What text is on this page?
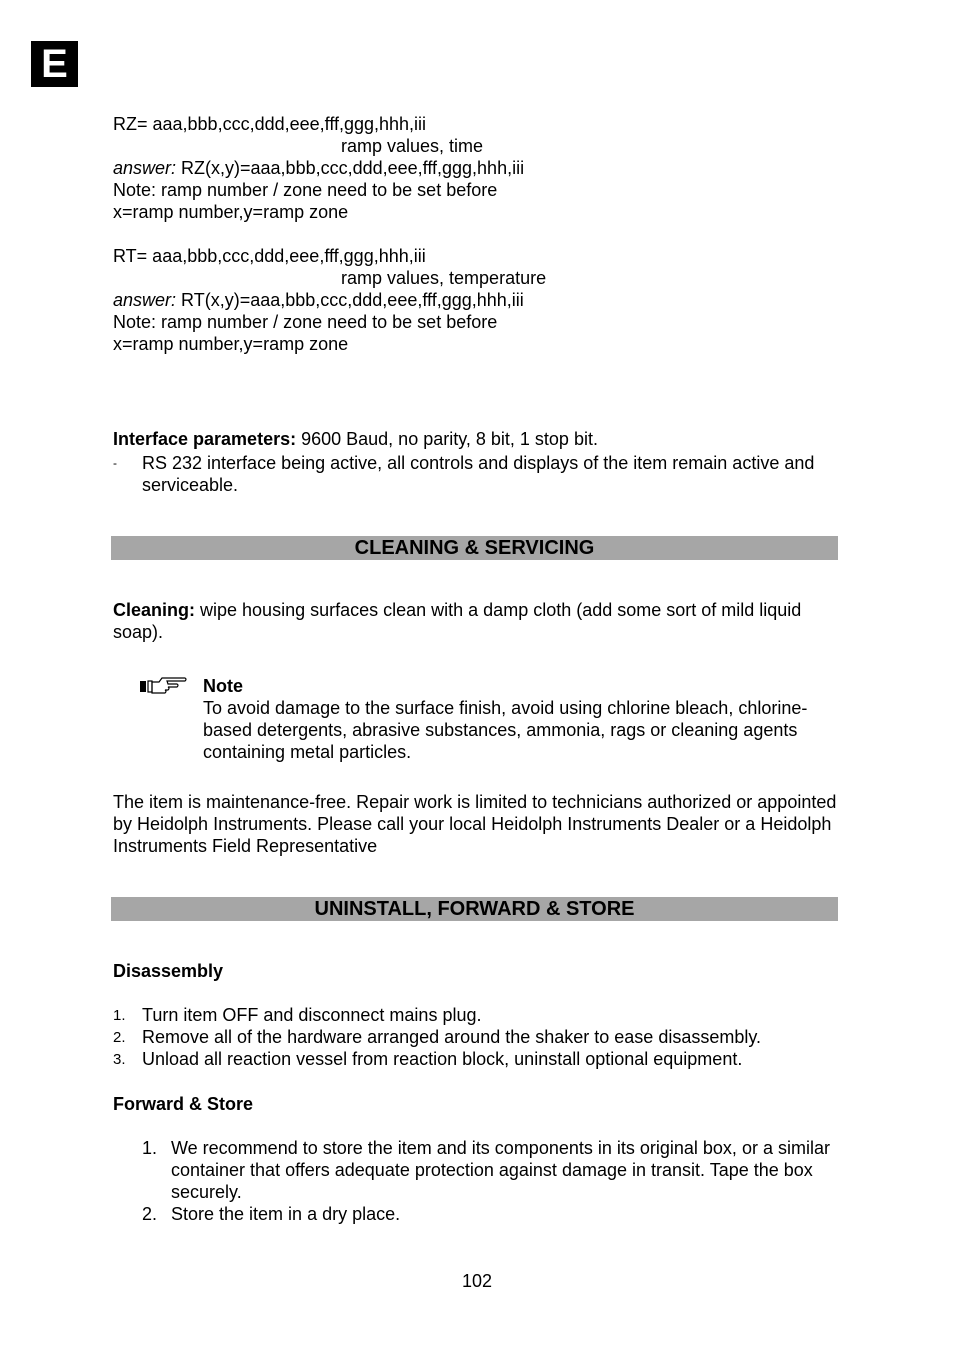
E
RZ= aaa,bbb,ccc,ddd,eee,fff,ggg,hhh,iii
ramp values, time
answer: RZ(x,y)=aaa,bbb,ccc,ddd,eee,fff,ggg,hhh,iii
Note: ramp number / zone need to be set before
x=ramp number,y=ramp zone
RT= aaa,bbb,ccc,ddd,eee,fff,ggg,hhh,iii
ramp values, temperature
answer: RT(x,y)=aaa,bbb,ccc,ddd,eee,fff,ggg,hhh,iii
Note: ramp number / zone need to be set before
x=ramp number,y=ramp zone
Interface parameters: 9600 Baud, no parity, 8 bit, 1 stop bit.
- RS 232 interface being active, all controls and displays of the item remain active and serviceable.
CLEANING & SERVICING
Cleaning: wipe housing surfaces clean with a damp cloth (add some sort of mild liquid soap).
Note
To avoid damage to the surface finish, avoid using chlorine bleach, chlorine-based detergents, abrasive substances, ammonia, rags or cleaning agents containing metal particles.
The item is maintenance-free. Repair work is limited to technicians authorized or appointed by Heidolph Instruments. Please call your local Heidolph Instruments Dealer or a Heidolph Instruments Field Representative
UNINSTALL, FORWARD & STORE
Disassembly
1. Turn item OFF and disconnect mains plug.
2. Remove all of the hardware arranged around the shaker to ease disassembly.
3. Unload all reaction vessel from reaction block, uninstall optional equipment.
Forward & Store
1. We recommend to store the item and its components in its original box, or a similar container that offers adequate protection against damage in transit. Tape the box securely.
2. Store the item in a dry place.
102
